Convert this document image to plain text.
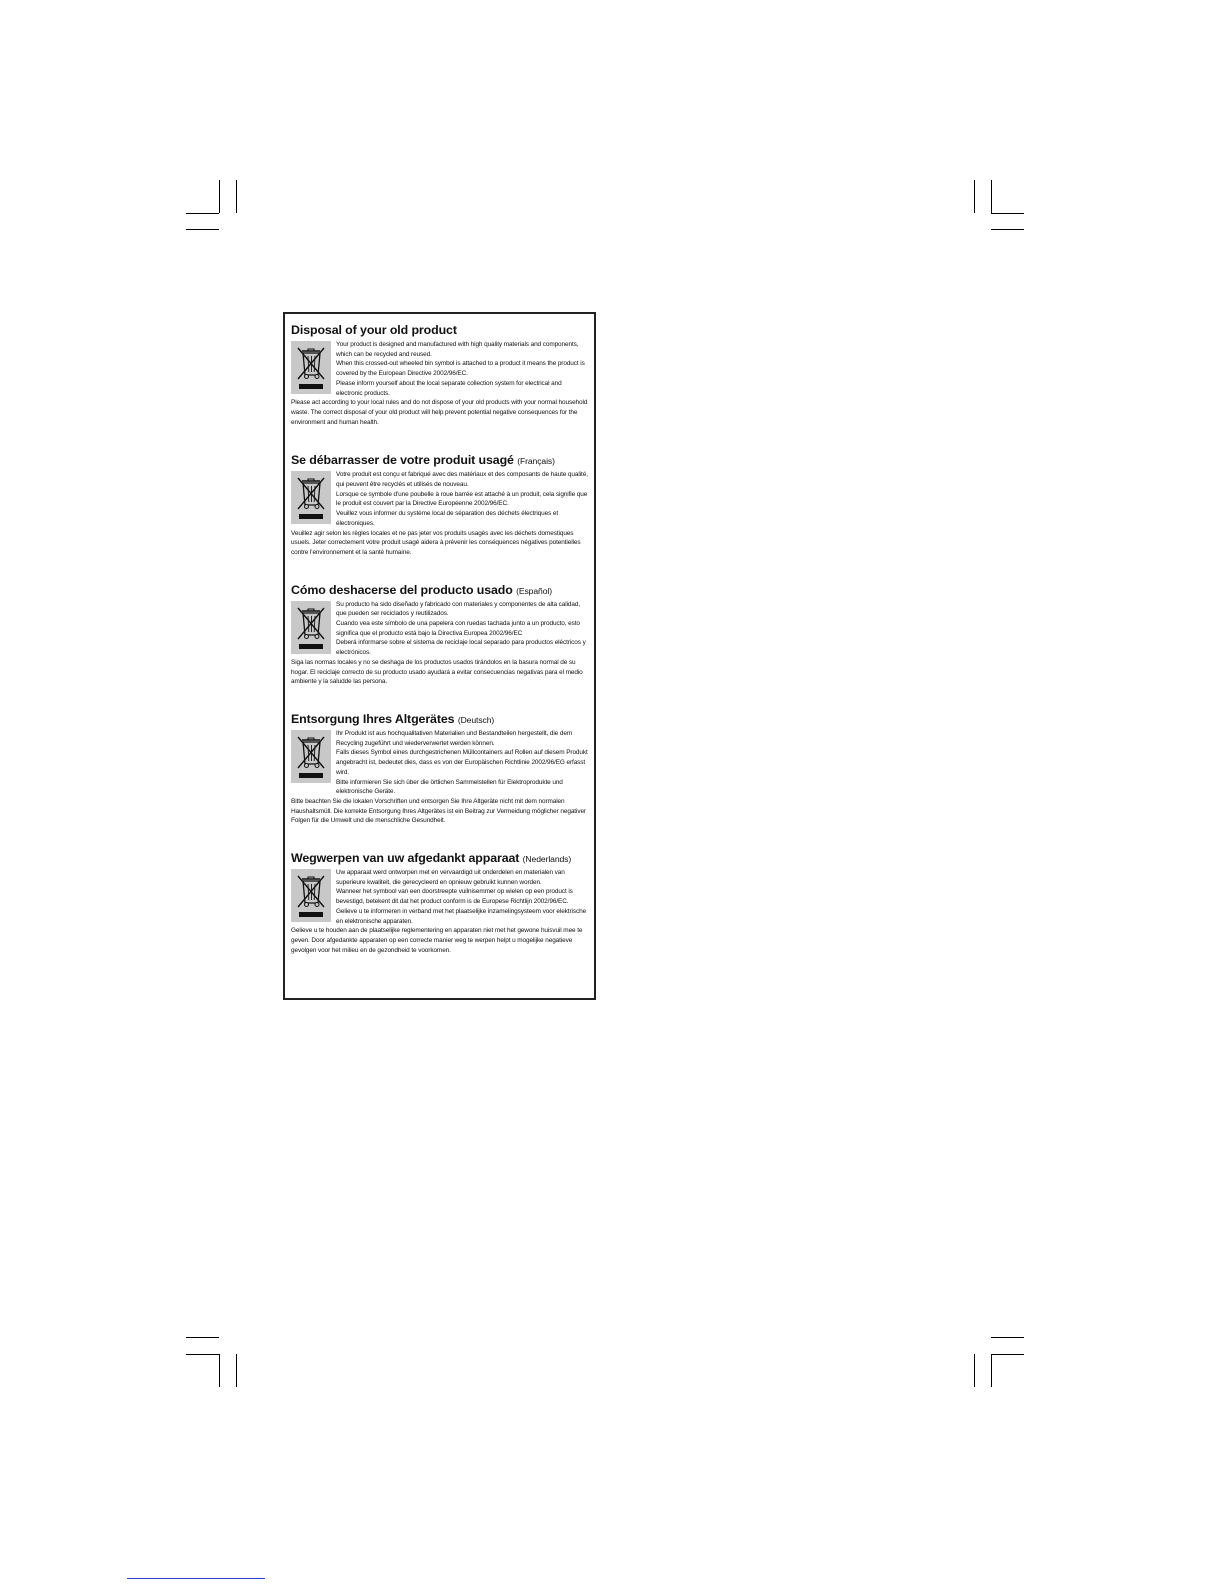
Disposal of your old product

Your product is designed and manufactured with high quality materials and components, which can be recycled and reused.

When this crossed-out wheeled bin symbol is attached to a product it means the product is covered by the European Directive 2002/96/EC.

Please inform yourself about the local separate collection system for electrical and electronic products.

Please act according to your local rules and do not dispose of your old products with your normal household waste. The correct disposal of your old product will help prevent potential negative consequences for the environment and human health.

Se débarrasser de votre produit usagé (Français)

Votre produit est conçu et fabriqué avec des matériaux et des composants de haute qualité, qui peuvent être recyclés et utilisés de nouveau.

Lorsque ce symbole d'une poubelle à roue barrée est attaché à un produit, cela signifie que le produit est couvert par la Directive Européenne 2002/96/EC.

Veuillez vous informer du système local de séparation des déchets électriques et électroniques.

Veuillez agir selon les règles locales et ne pas jeter vos produits usagés avec les déchets domestiques usuels. Jeter correctement votre produit usagé aidera à prévenir les conséquences négatives potentielles contre l'environnement et la santé humaine.

Cómo deshacerse del producto usado (Español)

Su producto ha sido diseñado y fabricado con materiales y componentes de alta calidad, que pueden ser reciclados y reutilizados.

Cuando vea este símbolo de una papelera con ruedas tachada junto a un producto, esto significa que el producto está bajo la Directiva Europea 2002/96/EC

Deberá informarse sobre el sistema de reciclaje local separado para productos eléctricos y electrónicos.

Siga las normas locales y no se deshaga de los productos usados tirándolos en la basura normal de su hogar. El reciclaje correcto de su producto usado ayudará a evitar consecuencias negativas para el medio ambiente y la saludde las persona.

Entsorgung Ihres Altgerätes (Deutsch)

Ihr Produkt ist aus hochqualitativen Materialien und Bestandteilen hergestellt, die dem Recycling zugeführt und wiederverwertet werden können.

Falls dieses Symbol eines durchgestrichenen Müllcontainers auf Rollen auf diesem Produkt angebracht ist, bedeutet dies, dass es von der Europäischen Richtlinie 2002/96/EG erfasst wird.

Bitte informieren Sie sich über die örtlichen Sammelstellen für Elektroprodukte und elektronische Geräte.

Bitte beachten Sie die lokalen Vorschriften und entsorgen Sie Ihre Altgeräte nicht mit dem normalen Haushaltsmüll. Die korrekte Entsorgung Ihres Altgerätes ist ein Beitrag zur Vermeidung möglicher negativer Folgen für die Umwelt und die menschliche Gesundheit.

Wegwerpen van uw afgedankt apparaat (Nederlands)

Uw apparaat werd ontworpen met en vervaardigd uit onderdelen en materialen van superieure kwaliteit, die gerecycleerd en opnieuw gebruikt kunnen worden.

Wanneer het symbool van een doorstreepte vuilnisemmer op wielen op een product is bevestigd, betekent dit dat het product conform is de Europese Richtlijn 2002/96/EC.

Gelieve u te informeren in verband met het plaatselijke inzamelingsysteem voor elektrische en elektronische apparaten.

Gelieve u te houden aan de plaatselijke reglementering en apparaten niet met het gewone huisvuil mee te geven. Door afgedankte apparaten op een correcte manier weg te werpen helpt u mogelijke negatieve gevolgen voor het milieu en de gezondheid te voorkomen.
